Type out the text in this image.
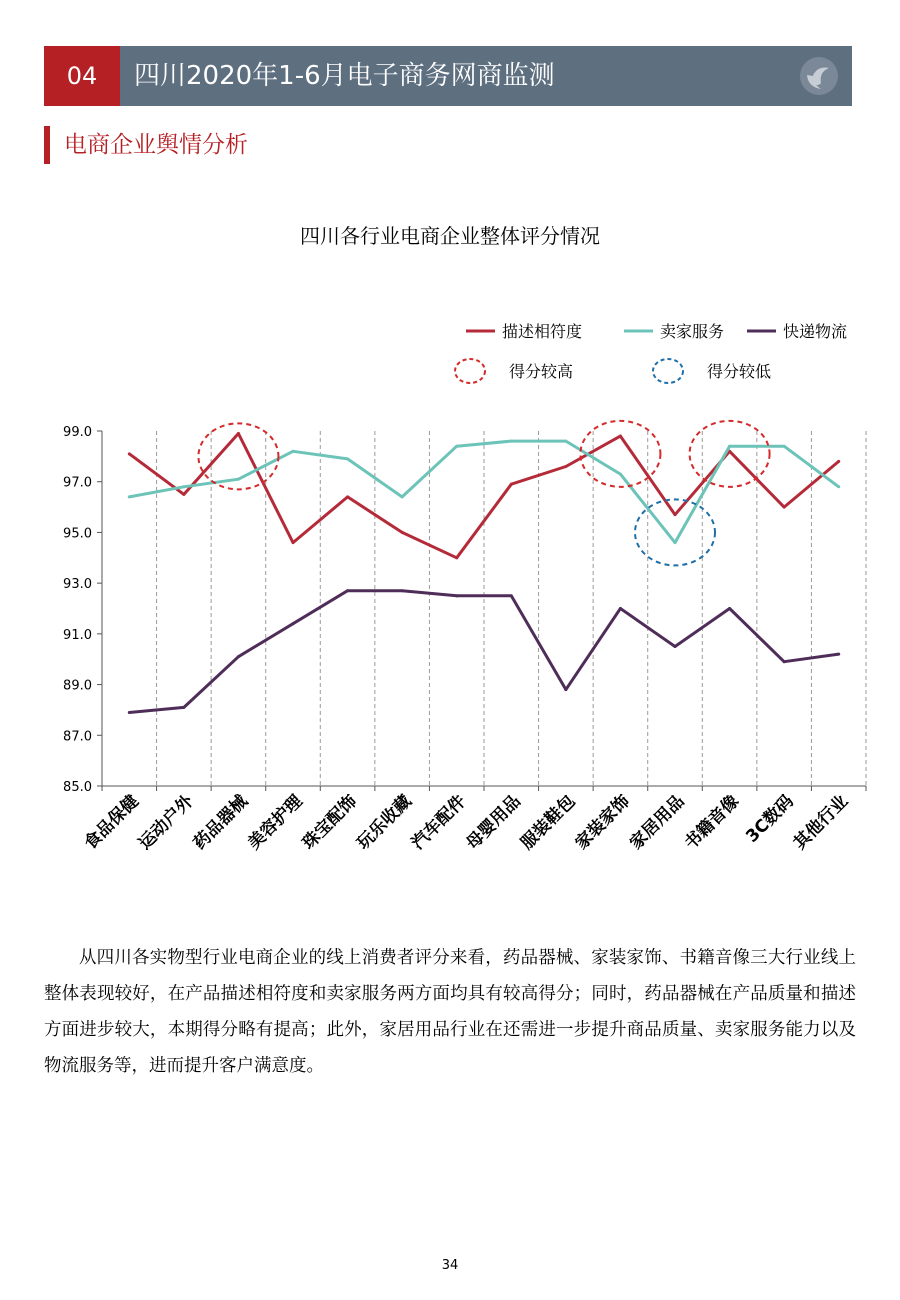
04	四川2020年1-6月电子商务网商监测
电商企业舆情分析
四川各行业电商企业整体评分情况
85.0
87.0
89.0
91.0
93.0
95.0
97.0
99.0
食品保健
运动户外
药品器械
美容护理
珠宝配饰
玩乐收藏
汽车配件
母婴用品
服装鞋包
家装家饰
家居用品
书籍音像 3C数码
其他行业
描述相符度	卖家服务	快递物流
得分较高	得分较低
从四川各实物型行业电商企业的线上消费者评分来看，药品器械、家装家饰、书籍音像三大行业线上整体表现较好，在产品描述相符度和卖家服务两方面均具有较高得分；同时，药品器械在产品质量和描述方面进步较大，本期得分略有提高；此外，家居用品行业在还需进一步提升商品质量、卖家服务能力以及物流服务等，进而提升客户满意度。
34
